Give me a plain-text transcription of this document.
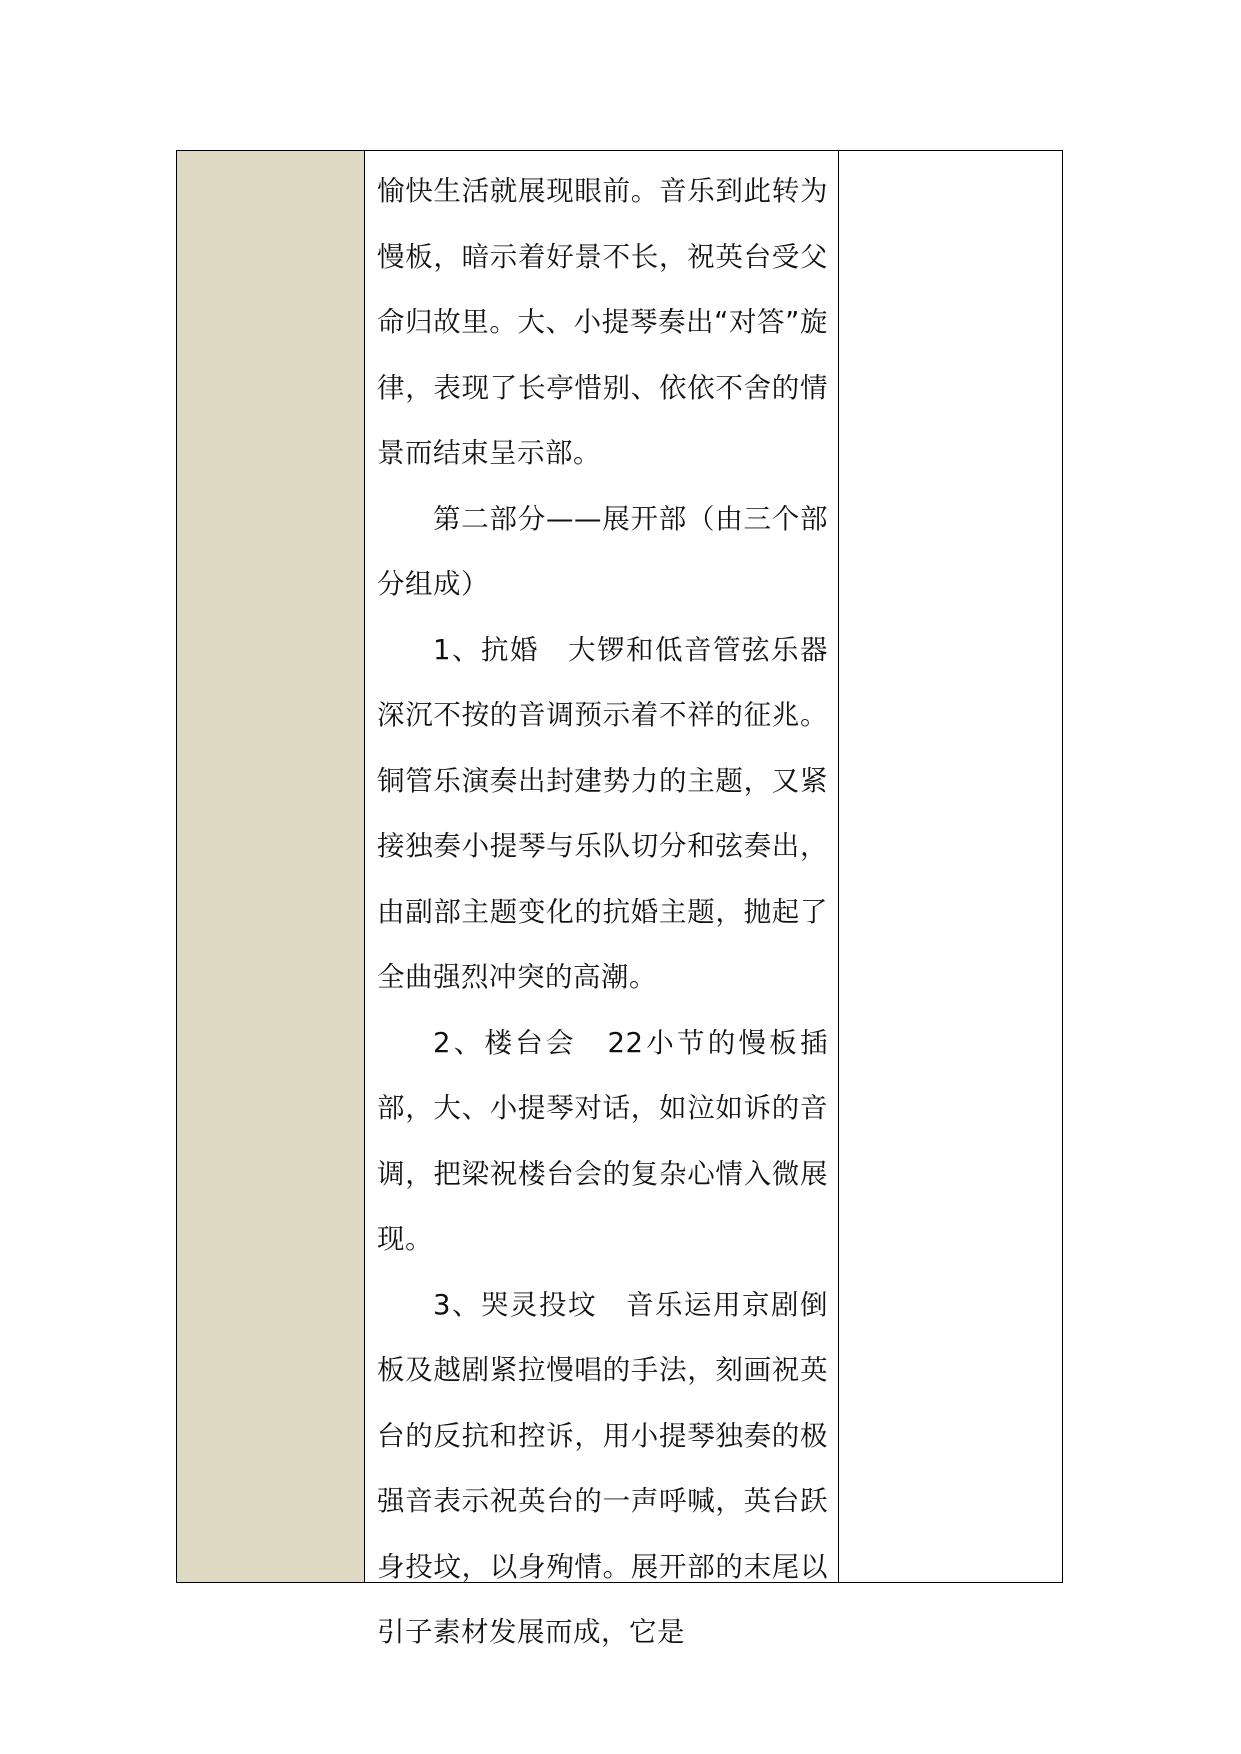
愉快生活就展现眼前。音乐到此转为慢板，暗示着好景不长，祝英台受父命归故里。大、小提琴奏出“对答”旋律，表现了长亭惜别、依依不舍的情景而结束呈示部。

第二部分——展开部（由三个部分组成）

1、抗婚　大锣和低音管弦乐器深沉不按的音调预示着不祥的征兆。铜管乐演奏出封建势力的主题，又紧接独奏小提琴与乐队切分和弦奏出，由副部主题变化的抗婚主题，抛起了全曲强烈冲突的高潮。

2、楼台会　22小节的慢板插部，大、小提琴对话，如泣如诉的音调，把梁祝楼台会的复杂心情入微展现。

3、哭灵投坟　音乐运用京剧倒板及越剧紧拉慢唱的手法，刻画祝英台的反抗和控诉，用小提琴独奏的极强音表示祝英台的一声呼喊，英台跃身投坟，以身殉情。展开部的末尾以引子素材发展而成，它是
